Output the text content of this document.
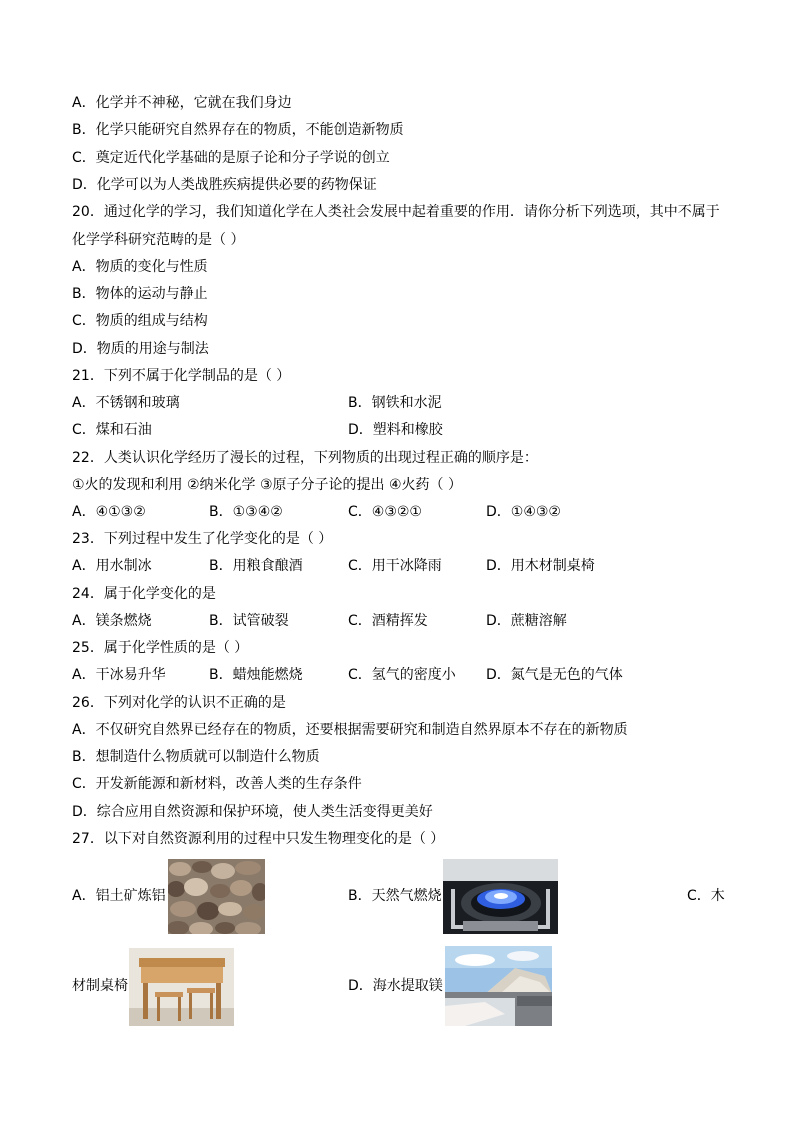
A．化学并不神秘，它就在我们身边
B．化学只能研究自然界存在的物质，不能创造新物质
C．奠定近代化学基础的是原子论和分子学说的创立
D．化学可以为人类战胜疾病提供必要的药物保证
20．通过化学的学习，我们知道化学在人类社会发展中起着重要的作用．请你分析下列选项，其中不属于
化学学科研究范畴的是（ ）
A．物质的变化与性质
B．物体的运动与静止
C．物质的组成与结构
D．物质的用途与制法
21．下列不属于化学制品的是（ ）
A．不锈钢和玻璃	B．钢铁和水泥
C．煤和石油	D．塑料和橡胶
22．人类认识化学经历了漫长的过程，下列物质的出现过程正确的顺序是：
①火的发现和利用 ②纳米化学 ③原子分子论的提出 ④火药（ ）
A．④①③②	B．①③④②	C．④③②①	D．①④③②
23．下列过程中发生了化学变化的是（ ）
A．用水制冰	B．用粮食酿酒	C．用干冰降雨	D．用木材制桌椅
24．属于化学变化的是
A．镁条燃烧	B．试管破裂	C．酒精挥发	D．蔗糖溶解
25．属于化学性质的是（ ）
A．干冰易升华	B．蜡烛能燃烧	C．氢气的密度小 D．氮气是无色的气体
26．下列对化学的认识不正确的是
A．不仅研究自然界已经存在的物质，还要根据需要研究和制造自然界原本不存在的新物质
B．想制造什么物质就可以制造什么物质
C．开发新能源和新材料，改善人类的生存条件
D．综合应用自然资源和保护环境，使人类生活变得更美好
27．以下对自然资源利用的过程中只发生物理变化的是（ ）
A．铝土矿炼铝	B．天然气燃烧	C．木
材制桌椅	D．海水提取镁
